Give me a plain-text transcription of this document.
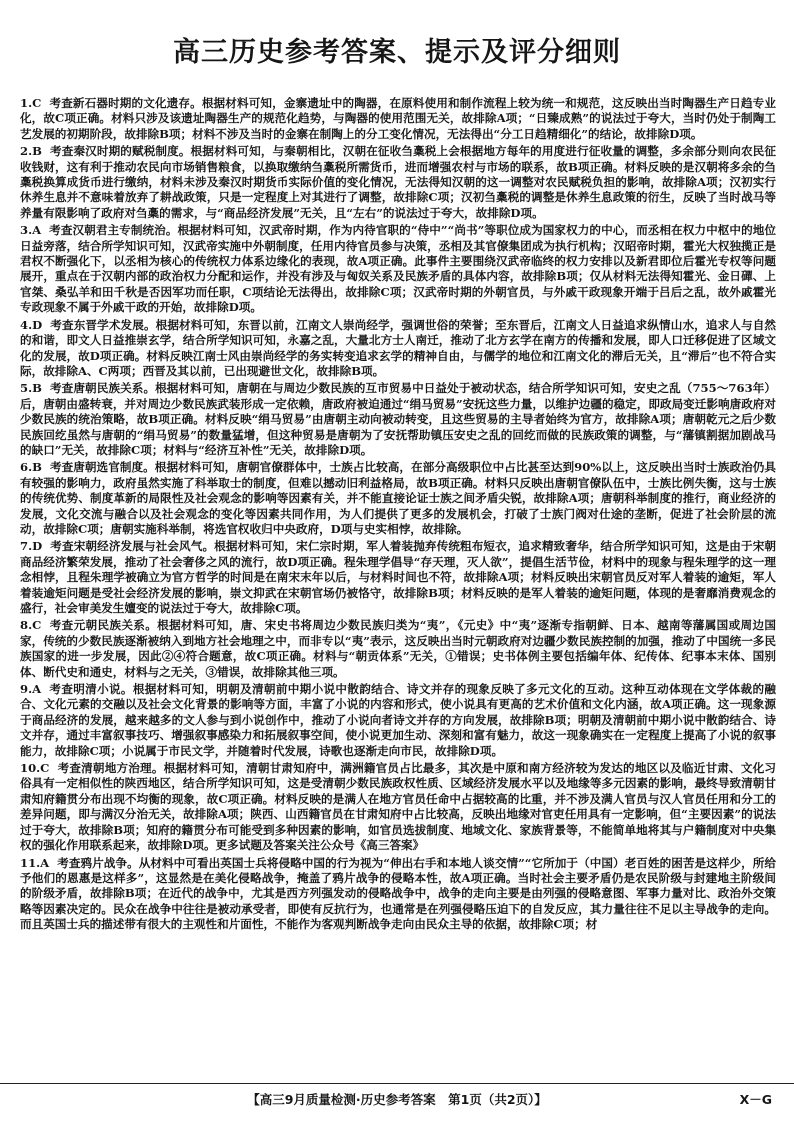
高三历史参考答案、提示及评分细则

1.C 考查新石器时期的文化遗存。根据材料可知，金寨遗址中的陶器，在原料使用和制作流程上较为统一和规范，这反映出当时陶器生产日趋专业化，故C项正确。材料只涉及该遗址陶器生产的规范化趋势，与陶器的使用范围无关，故排除A项；“日臻成熟”的说法过于夸大，当时仍处于制陶工艺发展的初期阶段，故排除B项；材料不涉及当时的金寨在制陶上的分工变化情况，无法得出“分工日趋精细化”的结论，故排除D项。

2.B 考查秦汉时期的赋税制度。根据材料可知，与秦朝相比，汉朝在征收刍稾税上会根据地方每年的用度进行征收量的调整，多余部分则向农民征收钱财，这有利于推动农民向市场销售粮食，以换取缴纳刍稾税所需货币，进而增强农村与市场的联系，故B项正确。材料反映的是汉朝将多余的刍稾税换算成货币进行缴纳，材料未涉及秦汉时期货币实际价值的变化情况，无法得知汉朝的这一调整对农民赋税负担的影响，故排除A项；汉初实行休养生息并不意味着放弃了耕战政策，只是一定程度上对其进行了调整，故排除C项；汉初刍稾税的调整是休养生息政策的衍生，反映了当时战马等养量有限影响了政府对刍稾的需求，与“商品经济发展”无关，且“左右”的说法过于夸大，故排除D项。

3.A 考查汉朝君主专制统治。根据材料可知，汉武帝时期，作为内待官职的“侍中”“尚书”等职位成为国家权力的中心，而丞相在权力中枢中的地位日益旁落，结合所学知识可知，汉武帝实施中外朝制度，任用内待官员参与决策，丞相及其官僚集团成为执行机构；汉昭帝时期，霍光大权独揽正是君权不断强化下，以丞相为核心的传统权力体系边缘化的表现，故A项正确。此事件主要围绕汉武帝临终的权力安排以及新君即位后霍光专权等问题展开，重点在于汉朝内部的政治权力分配和运作，并没有涉及与匈奴关系及民族矛盾的具体内容，故排除B项；仅从材料无法得知霍光、金日磾、上官桀、桑弘羊和田千秋是否因军功而任职，C项结论无法得出，故排除C项；汉武帝时期的外朝官员，与外戚干政现象开端于吕后之乱，故外戚霍光专政现象不属于外戚干政的开始，故排除D项。

4.D 考查东晋学术发展。根据材料可知，东晋以前，江南文人崇尚经学，强调世俗的荣誉；至东晋后，江南文人日益追求纵情山水，追求人与自然的和谐，即文人日益推崇玄学，结合所学知识可知，永嘉之乱，大量北方士人南迁，推动了北方玄学在南方的传播和发展，即人口迁移促进了区域文化的发展，故D项正确。材料反映江南士风由崇尚经学的务实转变追求玄学的精神自由，与儒学的地位和江南文化的滞后无关，且“滞后”也不符合实际，故排除A、C两项；西晋及其以前，已出现避世文化，故排除B项。

5.B 考查唐朝民族关系。根据材料可知，唐朝在与周边少数民族的互市贸易中日益处于被动状态，结合所学知识可知，安史之乱（755～763年）后，唐朝由盛转衰，并对周边少数民族武装形成一定依赖，唐政府被迫通过“绢马贸易”安抚这些力量，以维护边疆的稳定，即政局变迁影响唐政府对少数民族的统治策略，故B项正确。材料反映“绢马贸易”由唐朝主动向被动转变，且这些贸易的主导者始终为官方，故排除A项；唐朝乾元之后少数民族回纥虽然与唐朝的“绢马贸易”的数量猛增，但这种贸易是唐朝为了安抚帮助镇压安史之乱的回纥而做的民族政策的调整，与“藩镇割据加剧战马的缺口”无关，故排除C项；材料与“经济互补性”无关，故排除D项。

6.B 考查唐朝选官制度。根据材料可知，唐朝官僚群体中，士族占比较高，在部分高级职位中占比甚至达到90%以上，这反映出当时士族政治仍具有较强的影响力，政府虽然实施了科举取士的制度，但难以撼动旧利益格局，故B项正确。材料只反映出唐朝官僚队伍中，士族比例失衡，这与士族的传统优势、制度革新的局限性及社会观念的影响等因素有关，并不能直接论证士族之间矛盾尖锐，故排除A项；唐朝科举制度的推行，商业经济的发展，文化交流与融合以及社会观念的变化等因素共同作用，为人们提供了更多的发展机会，打破了士族门阀对仕途的垄断，促进了社会阶层的流动，故排除C项；唐朝实施科举制，将选官权收归中央政府，D项与史实相悖，故排除。

7.D 考查宋朝经济发展与社会风气。根据材料可知，宋仁宗时期，军人着装抛弃传统粗布短衣，追求精致奢华，结合所学知识可知，这是由于宋朝商品经济繁荣发展，推动了社会奢侈之风的流行，故D项正确。程朱理学倡导“存天理，灭人欲”，提倡生活节俭，材料中的现象与程朱理学的这一理念相悖，且程朱理学被确立为官方哲学的时间是在南宋末年以后，与材料时间也不符，故排除A项；材料反映出宋朝官员反对军人着装的逾矩，军人着装逾矩问题是受社会经济发展的影响，崇文抑武在宋朝官场仍被恪守，故排除B项；材料反映的是军人着装的逾矩问题，体现的是奢靡消费观念的盛行，社会审美发生嬗变的说法过于夸大，故排除C项。

8.C 考查元朝民族关系。根据材料可知，唐、宋史书将周边少数民族归类为“夷”，《元史》中“夷”逐渐专指朝鲜、日本、越南等藩属国或周边国家，传统的少数民族逐渐被纳入到地方社会地理之中，而非专以“夷”表示，这反映出当时元朝政府对边疆少数民族控制的加强，推动了中国统一多民族国家的进一步发展，因此②④符合题意，故C项正确。材料与“朝贡体系”无关，①错误；史书体例主要包括编年体、纪传体、纪事本末体、国别体、断代史和通史，材料与之无关，③错误，故排除其他三项。

9.A 考查明清小说。根据材料可知，明朝及清朝前中期小说中散韵结合、诗文并存的现象反映了多元文化的互动。这种互动体现在文学体裁的融合、文化元素的交融以及社会文化背景的影响等方面，丰富了小说的内容和形式，使小说具有更高的艺术价值和文化内涵，故A项正确。这一现象源于商品经济的发展，越来越多的文人参与到小说创作中，推动了小说向者诗文并存的方向发展，故排除B项；明朝及清朝前中期小说中散韵结合、诗文并存，通过丰富叙事技巧、增强叙事感染力和拓展叙事空间，使小说更加生动、深刻和富有魅力，故这一现象确实在一定程度上提高了小说的叙事能力，故排除C项；小说属于市民文学，并随着时代发展，诗歌也逐渐走向市民，故排除D项。

10.C 考查清朝地方治理。根据材料可知，清朝甘肃知府中，满洲籍官员占比最多，其次是中原和南方经济较为发达的地区以及临近甘肃、文化习俗具有一定相似性的陕西地区，结合所学知识可知，这是受清朝少数民族政权性质、区域经济发展水平以及地缘等多元因素的影响，最终导致清朝甘肃知府籍贯分布出现不均衡的现象，故C项正确。材料反映的是满人在地方官员任命中占据较高的比重，并不涉及满人官员与汉人官员任用和分工的差异问题，即与满汉分治无关，故排除A项；陕西、山西籍官员在甘肃知府中占比较高，反映出地缘对官吏任用具有一定影响，但“主要因素”的说法过于夸大，故排除B项；知府的籍贯分布可能受到多种因素的影响，如官员选拔制度、地域文化、家族背景等，不能简单地将其与户籍制度对中央集权的强化作用联系起来，故排除D项。更多试题及答案关注公众号《高三答案》

11.A 考查鸦片战争。从材料中可看出英国士兵将侵略中国的行为视为“伸出右手和本地人谈交情”“它所加于（中国）老百姓的困苦是这样少，所给予他们的恩惠是这样多”，这显然是在美化侵略战争，掩盖了鸦片战争的侵略本性，故A项正确。当时社会主要矛盾仍是农民阶级与封建地主阶级间的阶级矛盾，故排除B项；在近代的战争中，尤其是西方列强发动的侵略战争中，战争的走向主要是由列强的侵略意图、军事力量对比、政治外交策略等因素决定的。民众在战争中往往是被动承受者，即使有反抗行为，也通常是在列强侵略压迫下的自发反应，其力量往往不足以主导战争的走向。而且英国士兵的描述带有很大的主观性和片面性，不能作为客观判断战争走向由民众主导的依据，故排除C项；材

【高三9月质量检测·历史参考答案　第1页（共2页）】	X－G
